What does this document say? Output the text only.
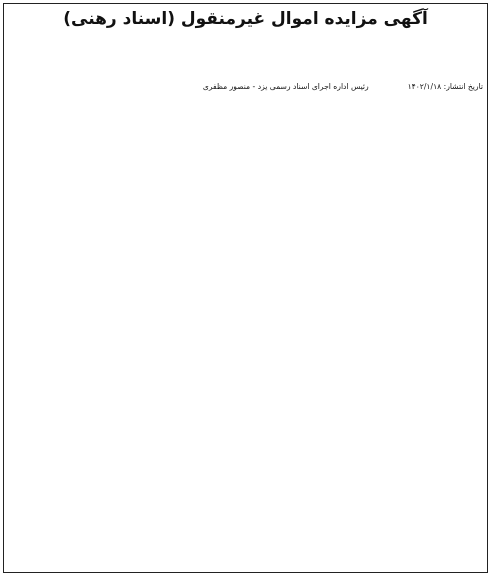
آگهی مزایده اموال غیرمنقول (اسناد رهنی)

تاریخ انتشار: ۱۴۰۲/۱/۱۸  رئیس اداره اجرای اسناد رسمی یزد - منصور مظفری
